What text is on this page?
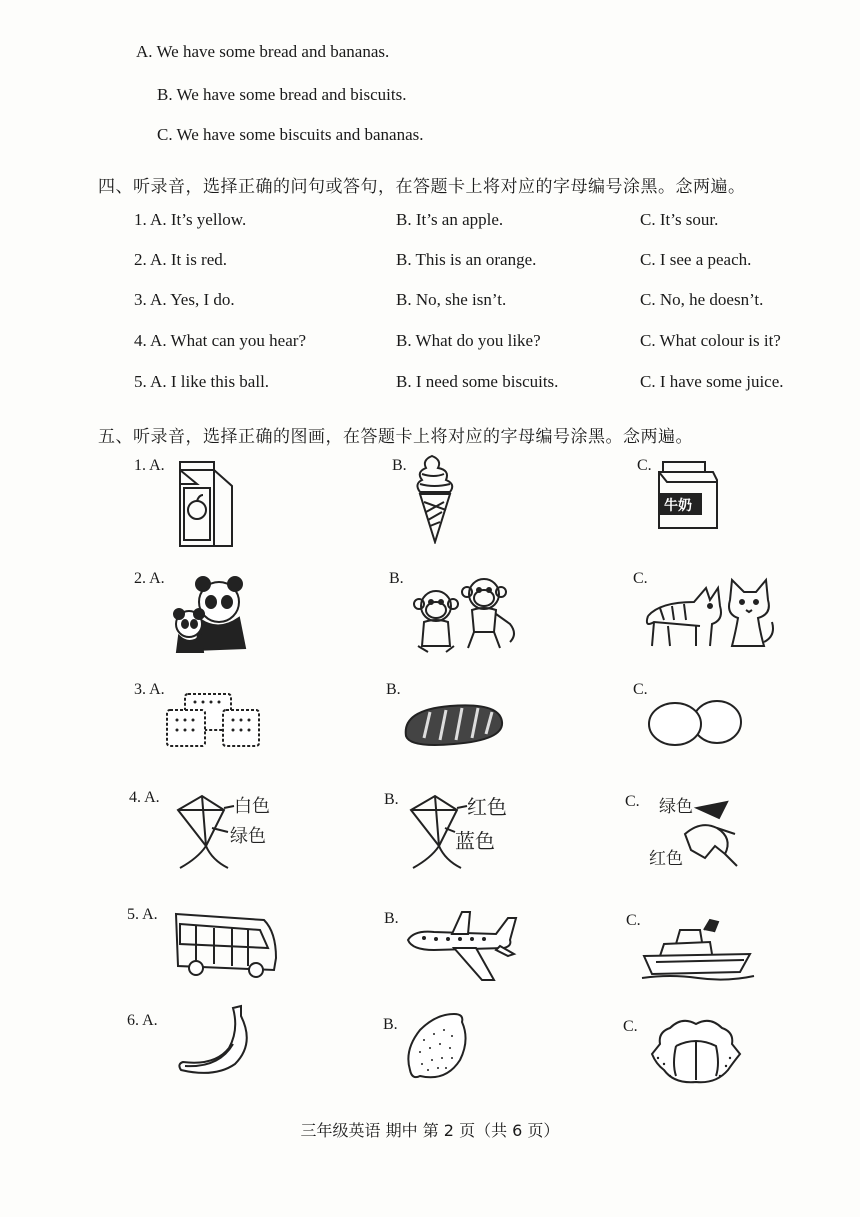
A. We have some bread and bananas.
B. We have some bread and biscuits.
C. We have some biscuits and bananas.
四、听录音，选择正确的问句或答句，在答题卡上将对应的字母编号涂黑。念两遍。
1. A. It’s yellow.	B. It’s an apple.	C. It’s sour.
2. A. It is red.	B. This is an orange.	C. I see a peach.
3. A. Yes, I do.	B. No, she isn’t.	C. No, he doesn’t.
4. A. What can you hear?	B. What do you like?	C. What colour is it?
5. A. I like this ball.	B. I need some biscuits.	C. I have some juice.
五、听录音，选择正确的图画，在答题卡上将对应的字母编号涂黑。念两遍。
1. A.	B.	C.
牛奶
2. A.	B.	C.
3. A.	B.	C.
4. A.	B.	C.
白色
绿色
红色
蓝色
绿色
红色
5. A.	B.	C.
6. A.	B.	C.
三年级英语 期中 第 2 页（共 6 页）
